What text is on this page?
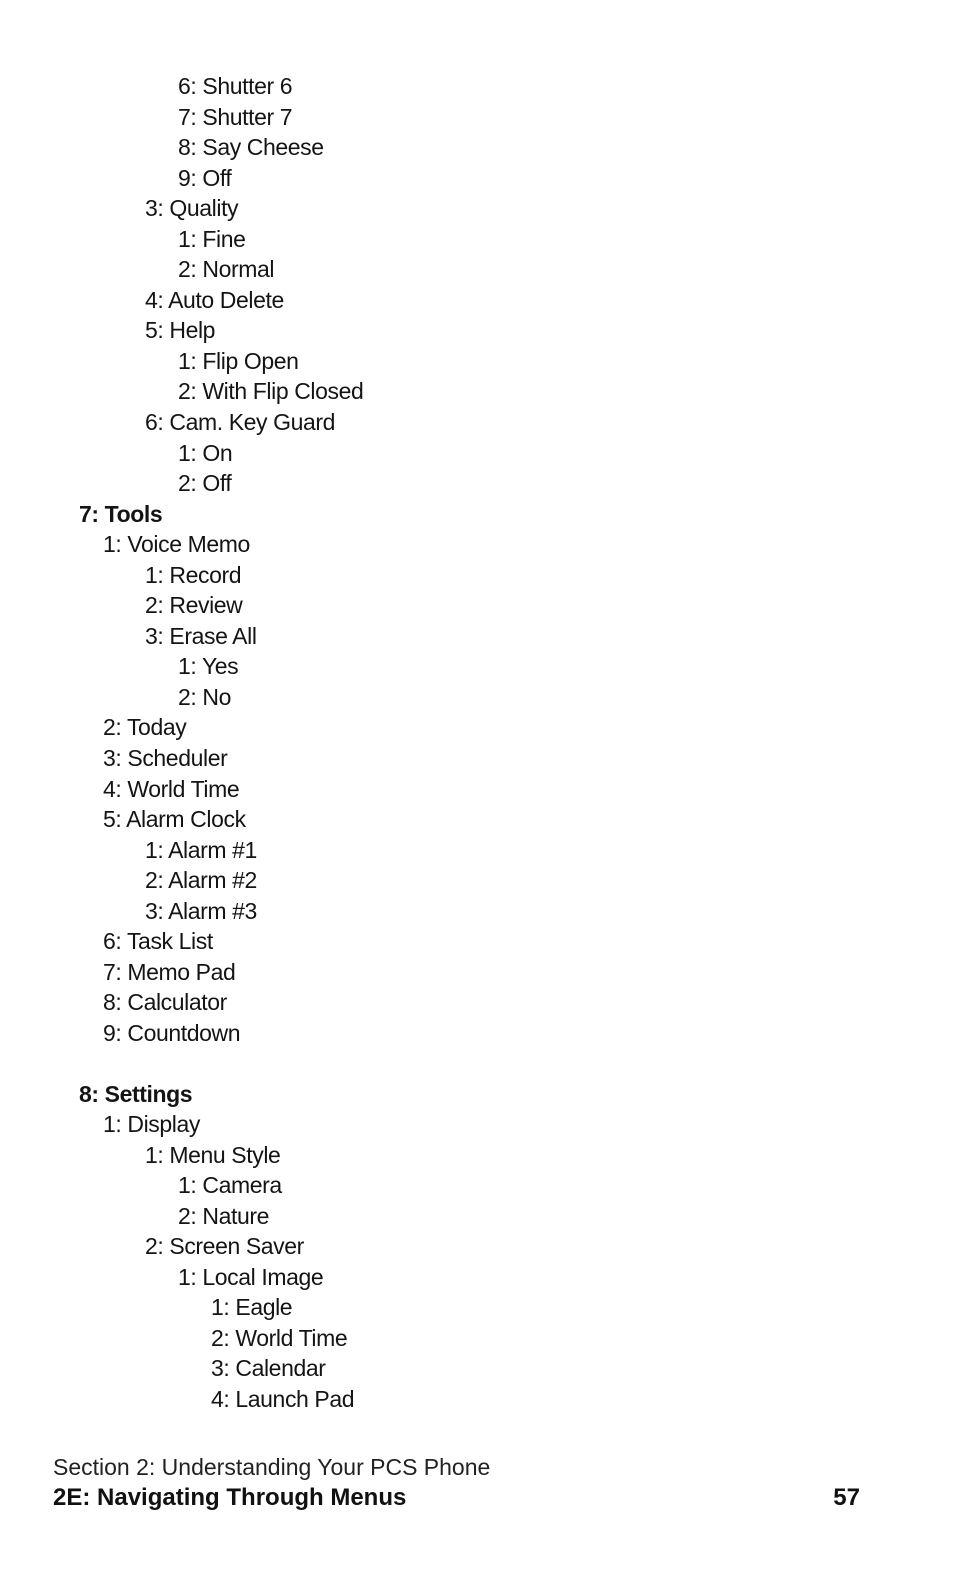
6: Shutter 6
7: Shutter 7
8: Say Cheese
9: Off
3: Quality
1: Fine
2: Normal
4: Auto Delete
5: Help
1: Flip Open
2: With Flip Closed
6: Cam. Key Guard
1: On
2: Off
7: Tools
1: Voice Memo
1: Record
2: Review
3: Erase All
1: Yes
2: No
2: Today
3: Scheduler
4: World Time
5: Alarm Clock
1: Alarm #1
2: Alarm #2
3: Alarm #3
6: Task List
7: Memo Pad
8: Calculator
9: Countdown
8: Settings
1: Display
1: Menu Style
1: Camera
2: Nature
2: Screen Saver
1: Local Image
1: Eagle
2: World Time
3: Calendar
4: Launch Pad
Section 2: Understanding Your PCS Phone
2E: Navigating Through Menus	57
